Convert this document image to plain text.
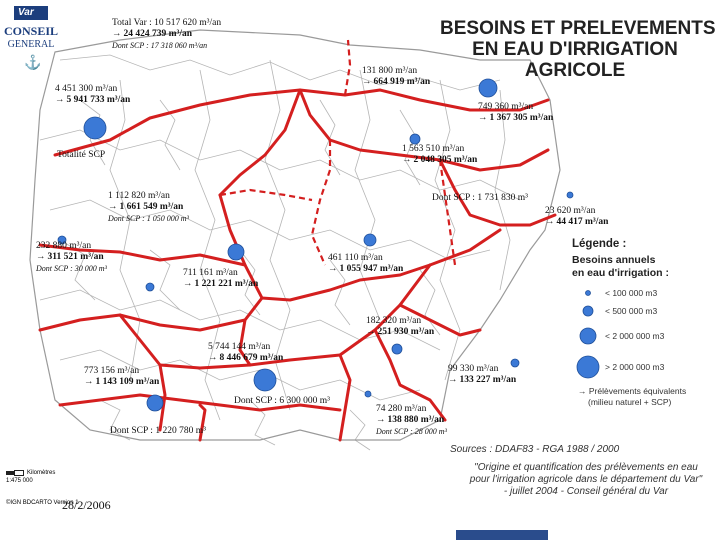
Var
CONSEIL
GENERAL
⚓
BESOINS ET PRELEVEMENTS
EN EAU D'IRRIGATION
AGRICOLE
Total Var : 10 517 620 m³/an
→ 24 424 739 m³/an
Dont SCP : 17 318 060 m³/an
131 800 m³/an
→ 664 919 m³/an
4 451 300 m³/an
→ 5 941 733 m³/an
749 360 m³/an
→ 1 367 305 m³/an
Totalité SCP
1 563 510 m³/an
→ 2 048 305 m³/an
1 112 820 m³/an
→ 1 661 549 m³/an
Dont SCP : 1 050 000 m³
Dont SCP : 1 731 830 m³
23 620 m³/an
→ 44 417 m³/an
232 880 m³/an
→ 311 521 m³/an
Dont SCP : 30 000 m³	711 161 m³/an
→ 1 221 221 m³/an
461 110 m³/an
→ 1 055 947 m³/an
182 320 m³/an
→ 251 930 m³/an
5 744 144 m³/an
→ 8 446 679 m³/an
773 156 m³/an
→ 1 143 109 m³/an
99 330 m³/an
→ 133 227 m³/an
Dont SCP : 6 300 000 m³
74 280 m³/an
→ 138 880 m³/an
Dont SCP : 28 000 m³
Dont SCP : 1 220 780 m³
Légende :
Besoins annuels
en eau d'irrigation :
< 100 000 m3
< 500 000 m3
< 2 000 000 m3
> 2 000 000 m3
→ Prélèvements équivalents
(milieu naturel + SCP)
Sources : DDAF83 - RGA 1988 / 2000
"Origine et quantification des prélèvements en eau
pour l'irrigation agricole dans le département du Var"
- juillet 2004 - Conseil général du Var
Kilomètres
1:475 000
©IGN BDCARTO Version 1
28/2/2006
